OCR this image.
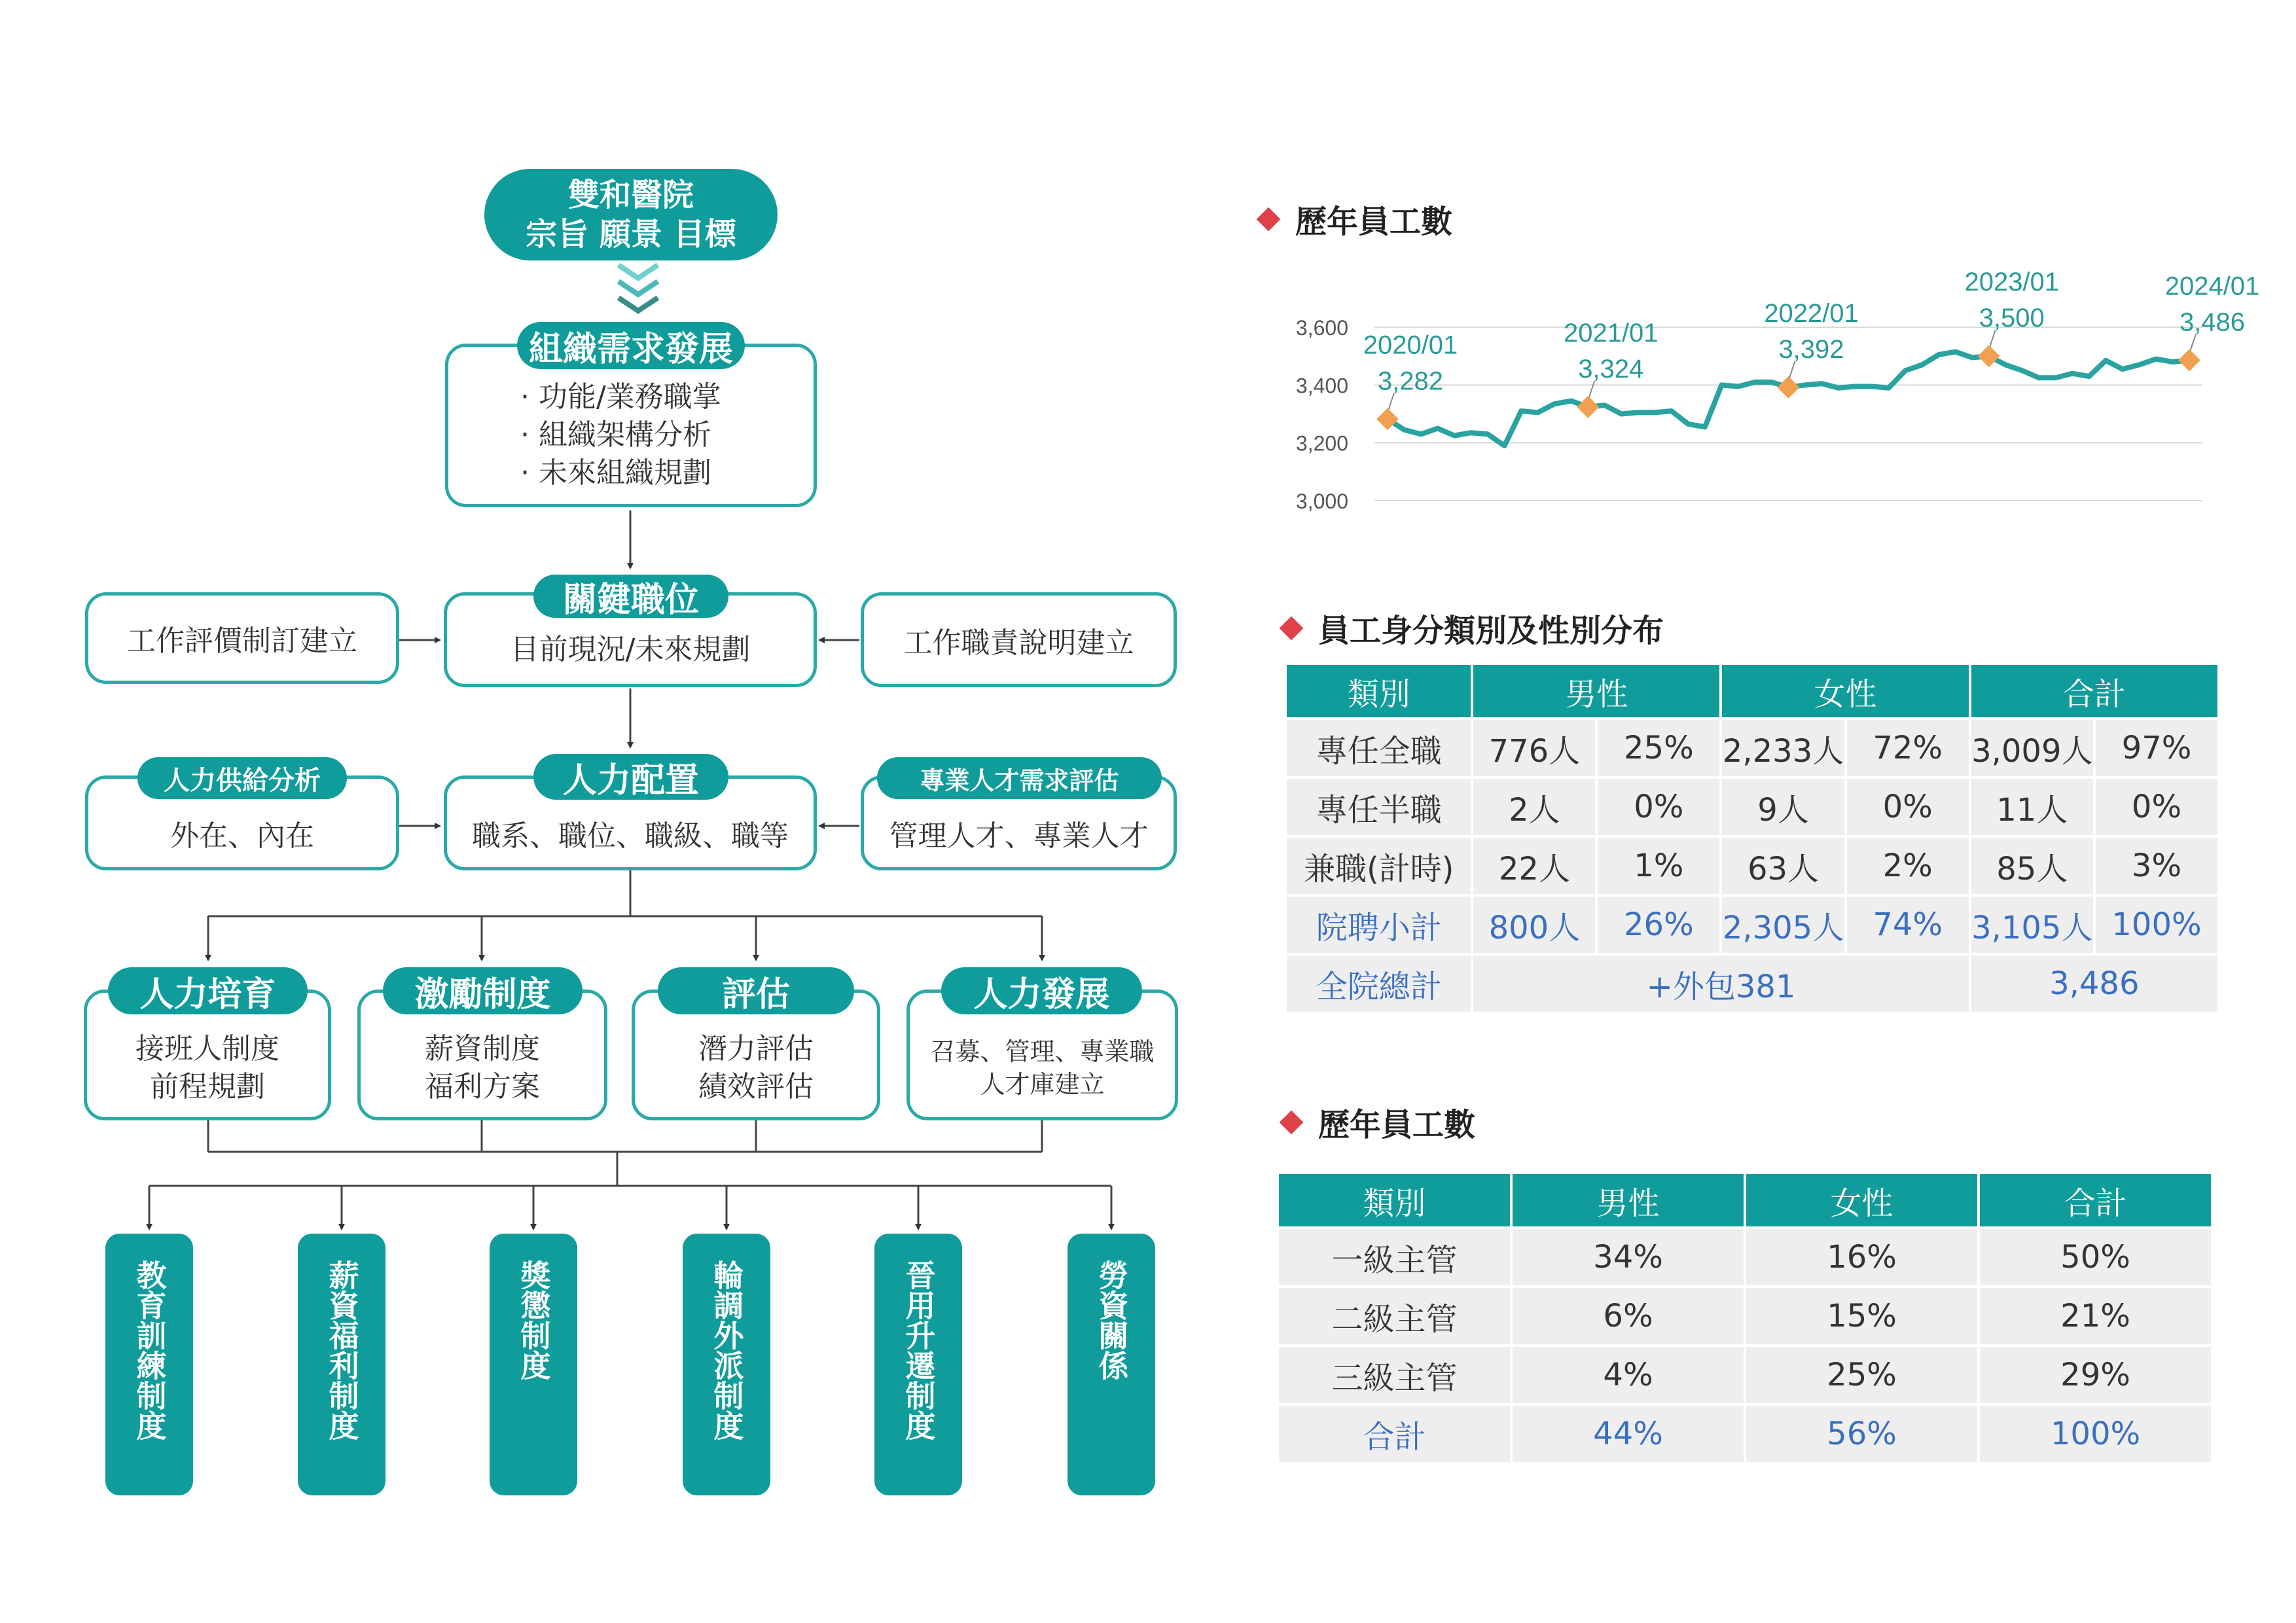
雙和醫院
宗旨 願景 目標
· 功能/業務職掌
· 組織架構分析
· 未來組織規劃
組織需求發展
工作評價制訂建立	目前現況/未來規劃
關鍵職位
工作職責說明建立
外在、內在
人力供給分析
職系、職位、職級、職等
人力配置
管理人才、專業人才
專業人才需求評估
接班人制度
前程規劃
人力培育
薪資制度
福利方案
激勵制度
潛力評估
績效評估
評估
召募、管理、專業職
人才庫建立
人力發展
教育訓練制度	薪資福利制度	獎懲制度	輪調外派制度	晉用升遷制度	勞資關係
歷年員工數
3,000
3,200
3,400
3,600
3,282
2020/01
3,324
2021/01
3,392
2022/01	3,500
2023/01
3,486
2024/01
員工身分類別及性別分布
類別	男性		女性		合計	
專任全職	776人	25%	2,233人	72%	3,009人	97%
專任半職	2人	0%	9人	0%	11人	0%
兼職(計時)	22人	1%	63人	2%	85人	3%
院聘小計	800人	26%	2,305人	74%	3,105人	100%
全院總計	+外包381				3,486	
歷年員工數
類別	男性	女性	合計
一級主管	34%	16%	50%
二級主管	6%	15%	21%
三級主管	4%	25%	29%
合計	44%	56%	100%
